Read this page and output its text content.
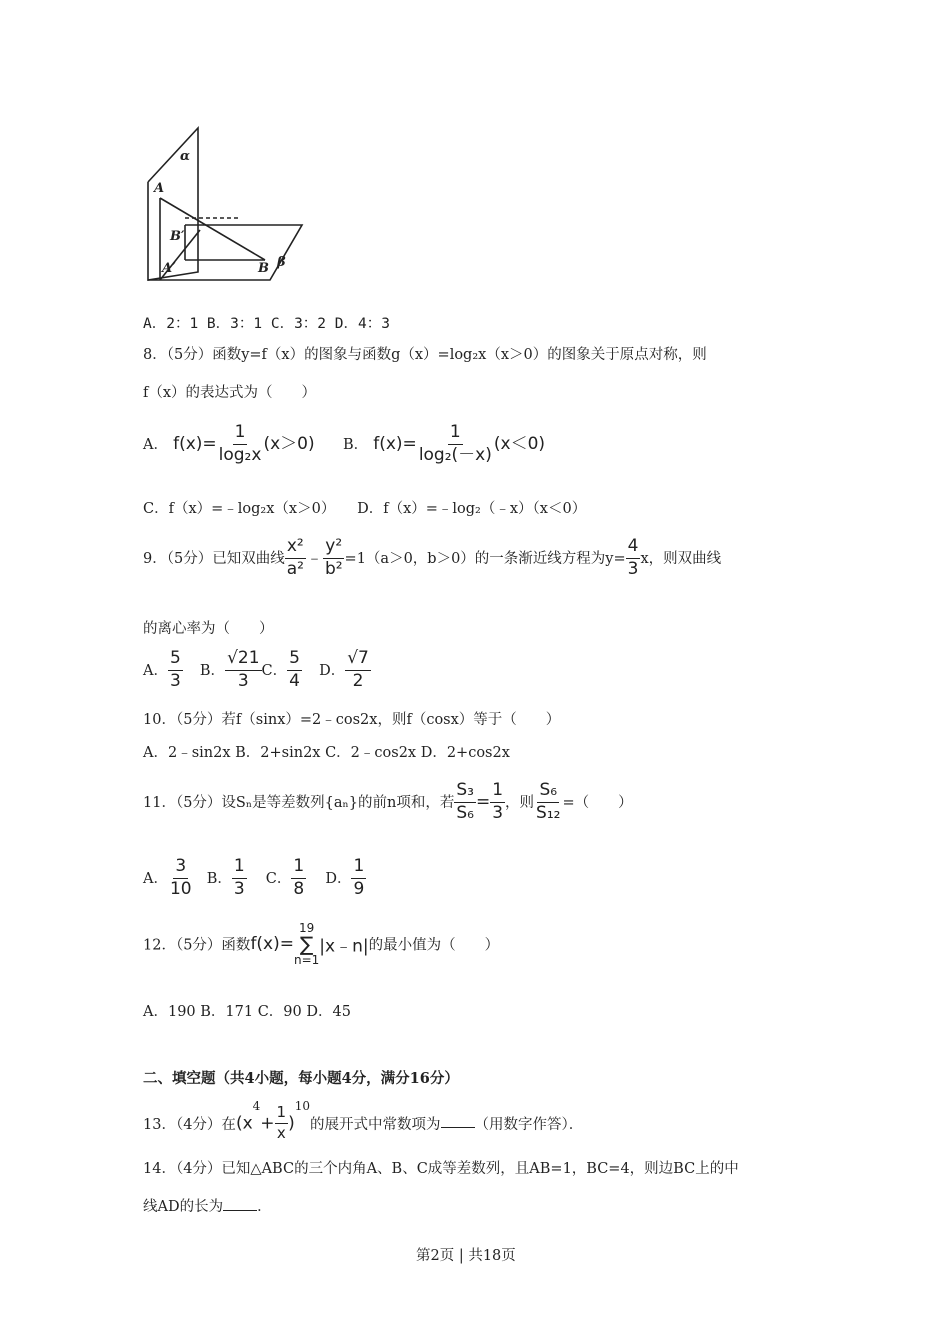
α
A
B′
B β
A′
A．2：1 B．3：1 C．3：2 D．4：3
8．（5分）函数y=f（x）的图象与函数g（x）=log₂x（x＞0）的图象关于原点对称，则
f（x）的表达式为（　　）
A． $f(x)= \frac{1}{\text{log₂x}} (x>0)$ B． $f(x)= \frac{1}{\text{log₂(－x)}} (x<0)$
C．f（x）=﹣log₂x（x＞0）　　D．f（x）=﹣log₂（﹣x）（x＜0）
9．（5分）已知双曲线 $\frac{\text{x²}}{\text{a²}}$ ﹣ $\frac{\text{y²}}{\text{b²}} =1(a>0$，b＞0）的一条渐近线方程为$y= \frac{4}{3}$ x，则双曲线
的离心率为（　　）
A． $\frac{5}{3}$ B． $\frac{√21}{3}$ C． $\frac{5}{4}$ D． $\frac{√7}{2}$
10．（5分）若f（sinx）=2﹣cos2x，则f（cosx）等于（　　）
A．2﹣sin2x B．2+sin2x C．2﹣cos2x D．2+cos2x
11．（5分）设Sₙ是等差数列{aₙ}的前n项和，若 $\frac{\text{S₃}}{\text{S₆}} = \frac{1}{3}$ ，则 $\frac{\text{S₆}}{\text{S₁₂}}$ =（　　）
A． $\frac{3}{10}$ B． $\frac{1}{3}$ C． $\frac{1}{8}$ D． $\frac{1}{9}$
12．（5分）函数f(x)=
19
∑
n=1
|x﹣n|的最小值为（　　）
A．190 B．171 C．90 D．45
二、填空题（共4小题，每小题4分，满分16分）
13．（4分）在$(x^4+ \frac{1}{x} )^{10}$的展开式中常数项为 （用数字作答）．
14．（4分）已知△ABC的三个内角A、B、C成等差数列，且AB=1，BC=4，则边BC上的中
线AD的长为 ．
第2页 | 共18页
